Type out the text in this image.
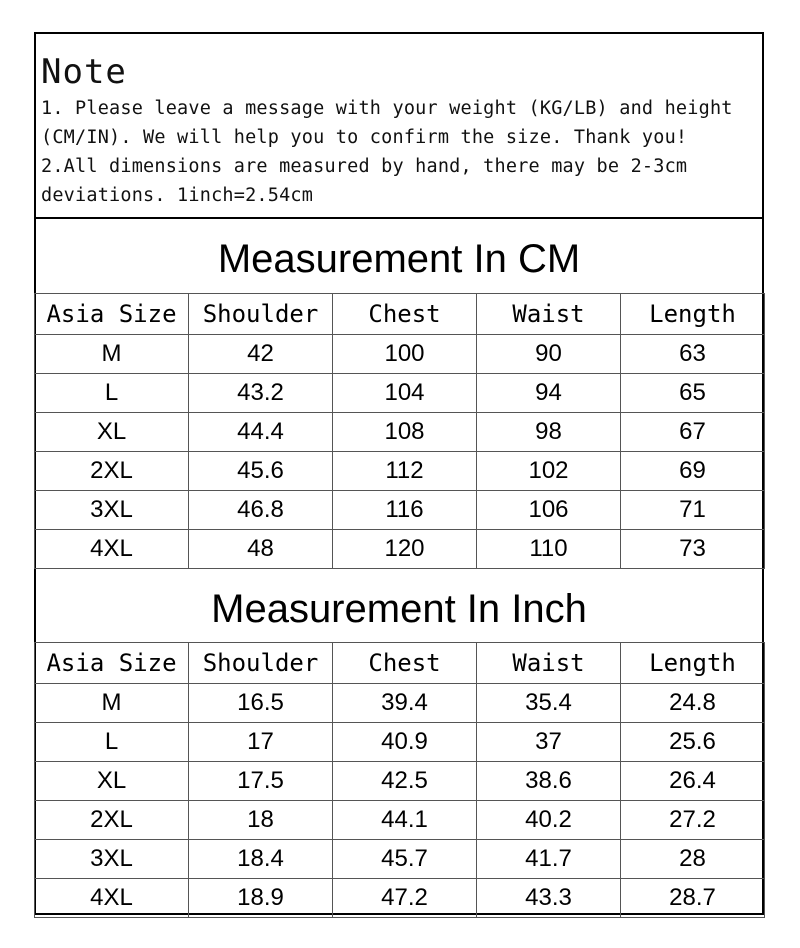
Note
1. Please leave a message with your weight (KG/LB) and height
(CM/IN). We will help you to confirm the size. Thank you!
2.All dimensions are measured by hand, there may be 2-3cm
deviations. 1inch=2.54cm
Measurement In CM
Asia Size	Shoulder	Chest	Waist	Length
M	42	100	90	63
L	43.2	104	94	65
XL	44.4	108	98	67
2XL	45.6	112	102	69
3XL	46.8	116	106	71
4XL	48	120	110	73
Measurement In Inch
Asia Size	Shoulder	Chest	Waist	Length
M	16.5	39.4	35.4	24.8
L	17	40.9	37	25.6
XL	17.5	42.5	38.6	26.4
2XL	18	44.1	40.2	27.2
3XL	18.4	45.7	41.7	28
4XL	18.9	47.2	43.3	28.7
